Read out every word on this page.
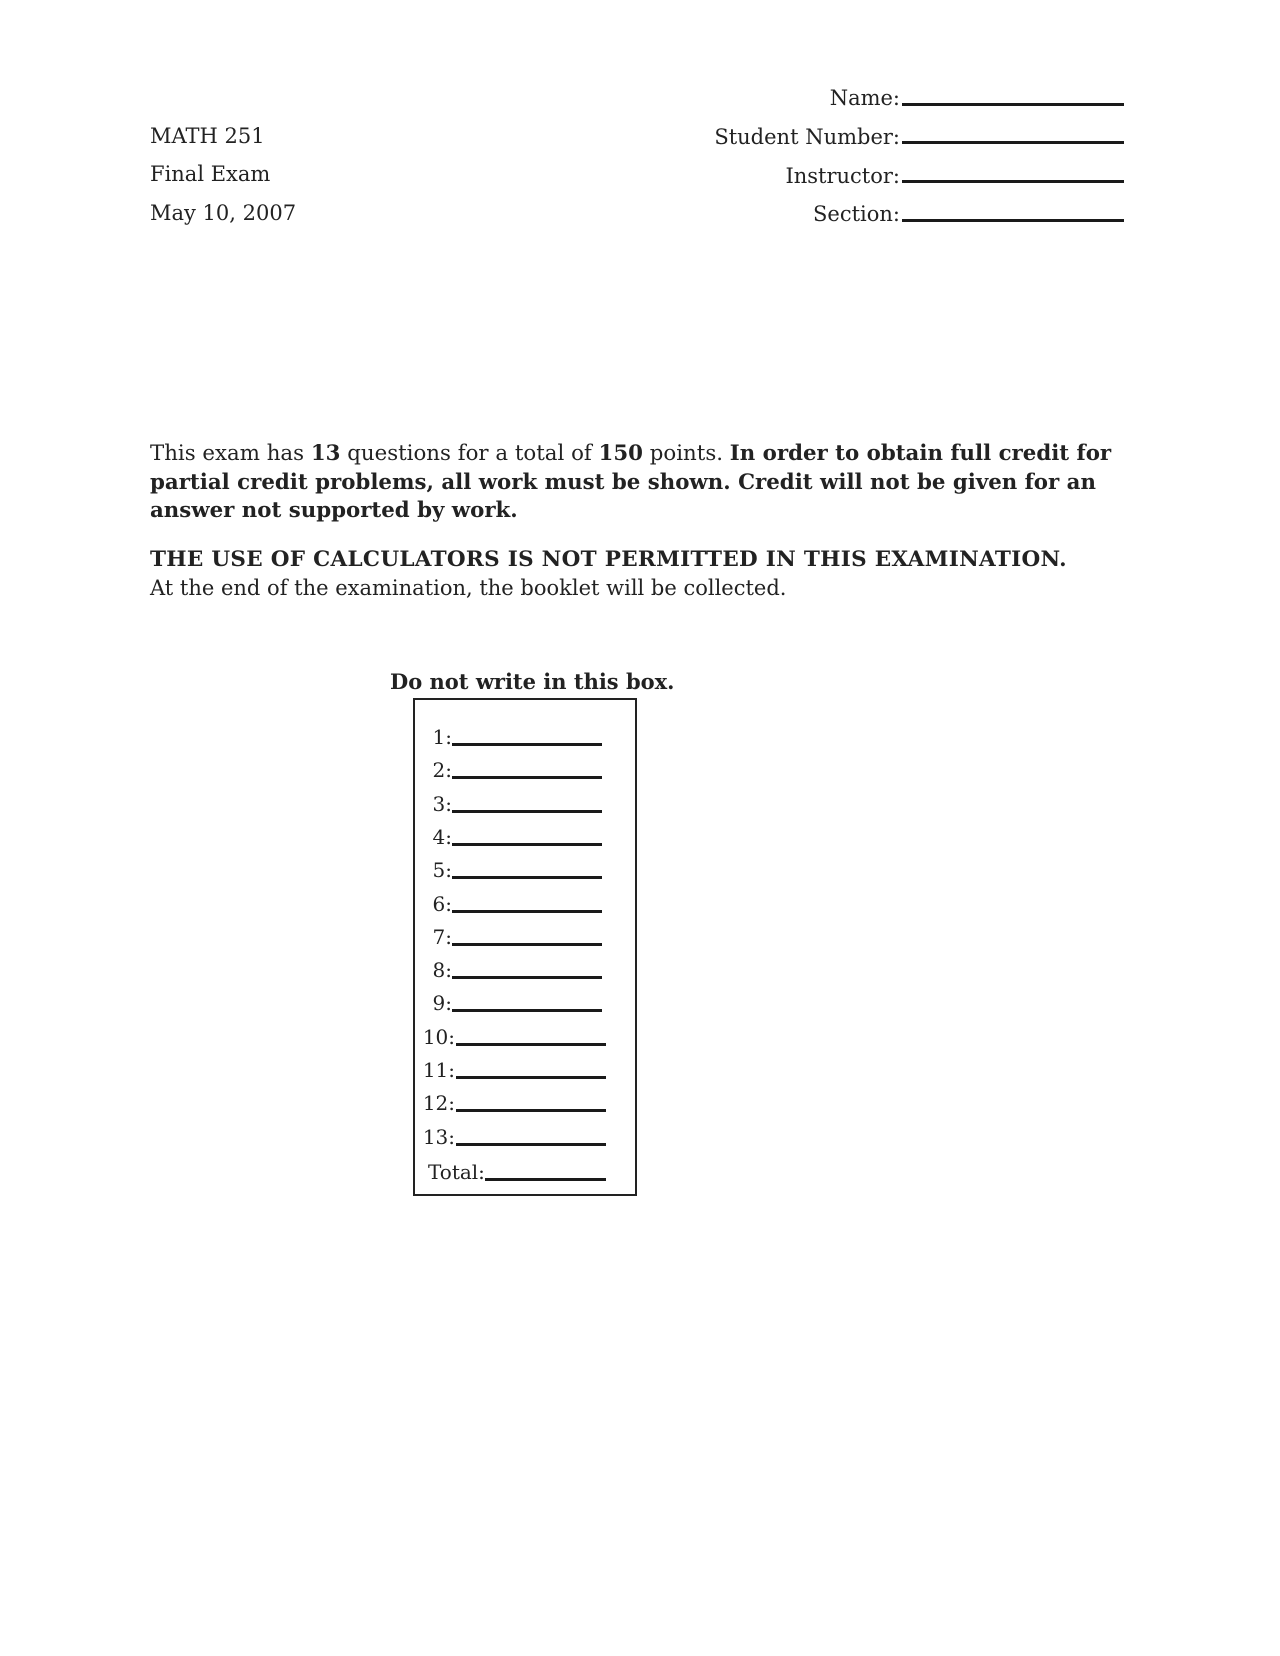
MATH 251
Final Exam
May 10, 2007
Name:
Student Number:
Instructor:
Section:
This exam has 13 questions for a total of 150 points. In order to obtain full credit for partial credit problems, all work must be shown. Credit will not be given for an answer not supported by work.
THE USE OF CALCULATORS IS NOT PERMITTED IN THIS EXAMINATION.
At the end of the examination, the booklet will be collected.
Do not write in this box.
1:
2:
3:
4:
5:
6:
7:
8:
9:
10:
11:
12:
13:
Total:
